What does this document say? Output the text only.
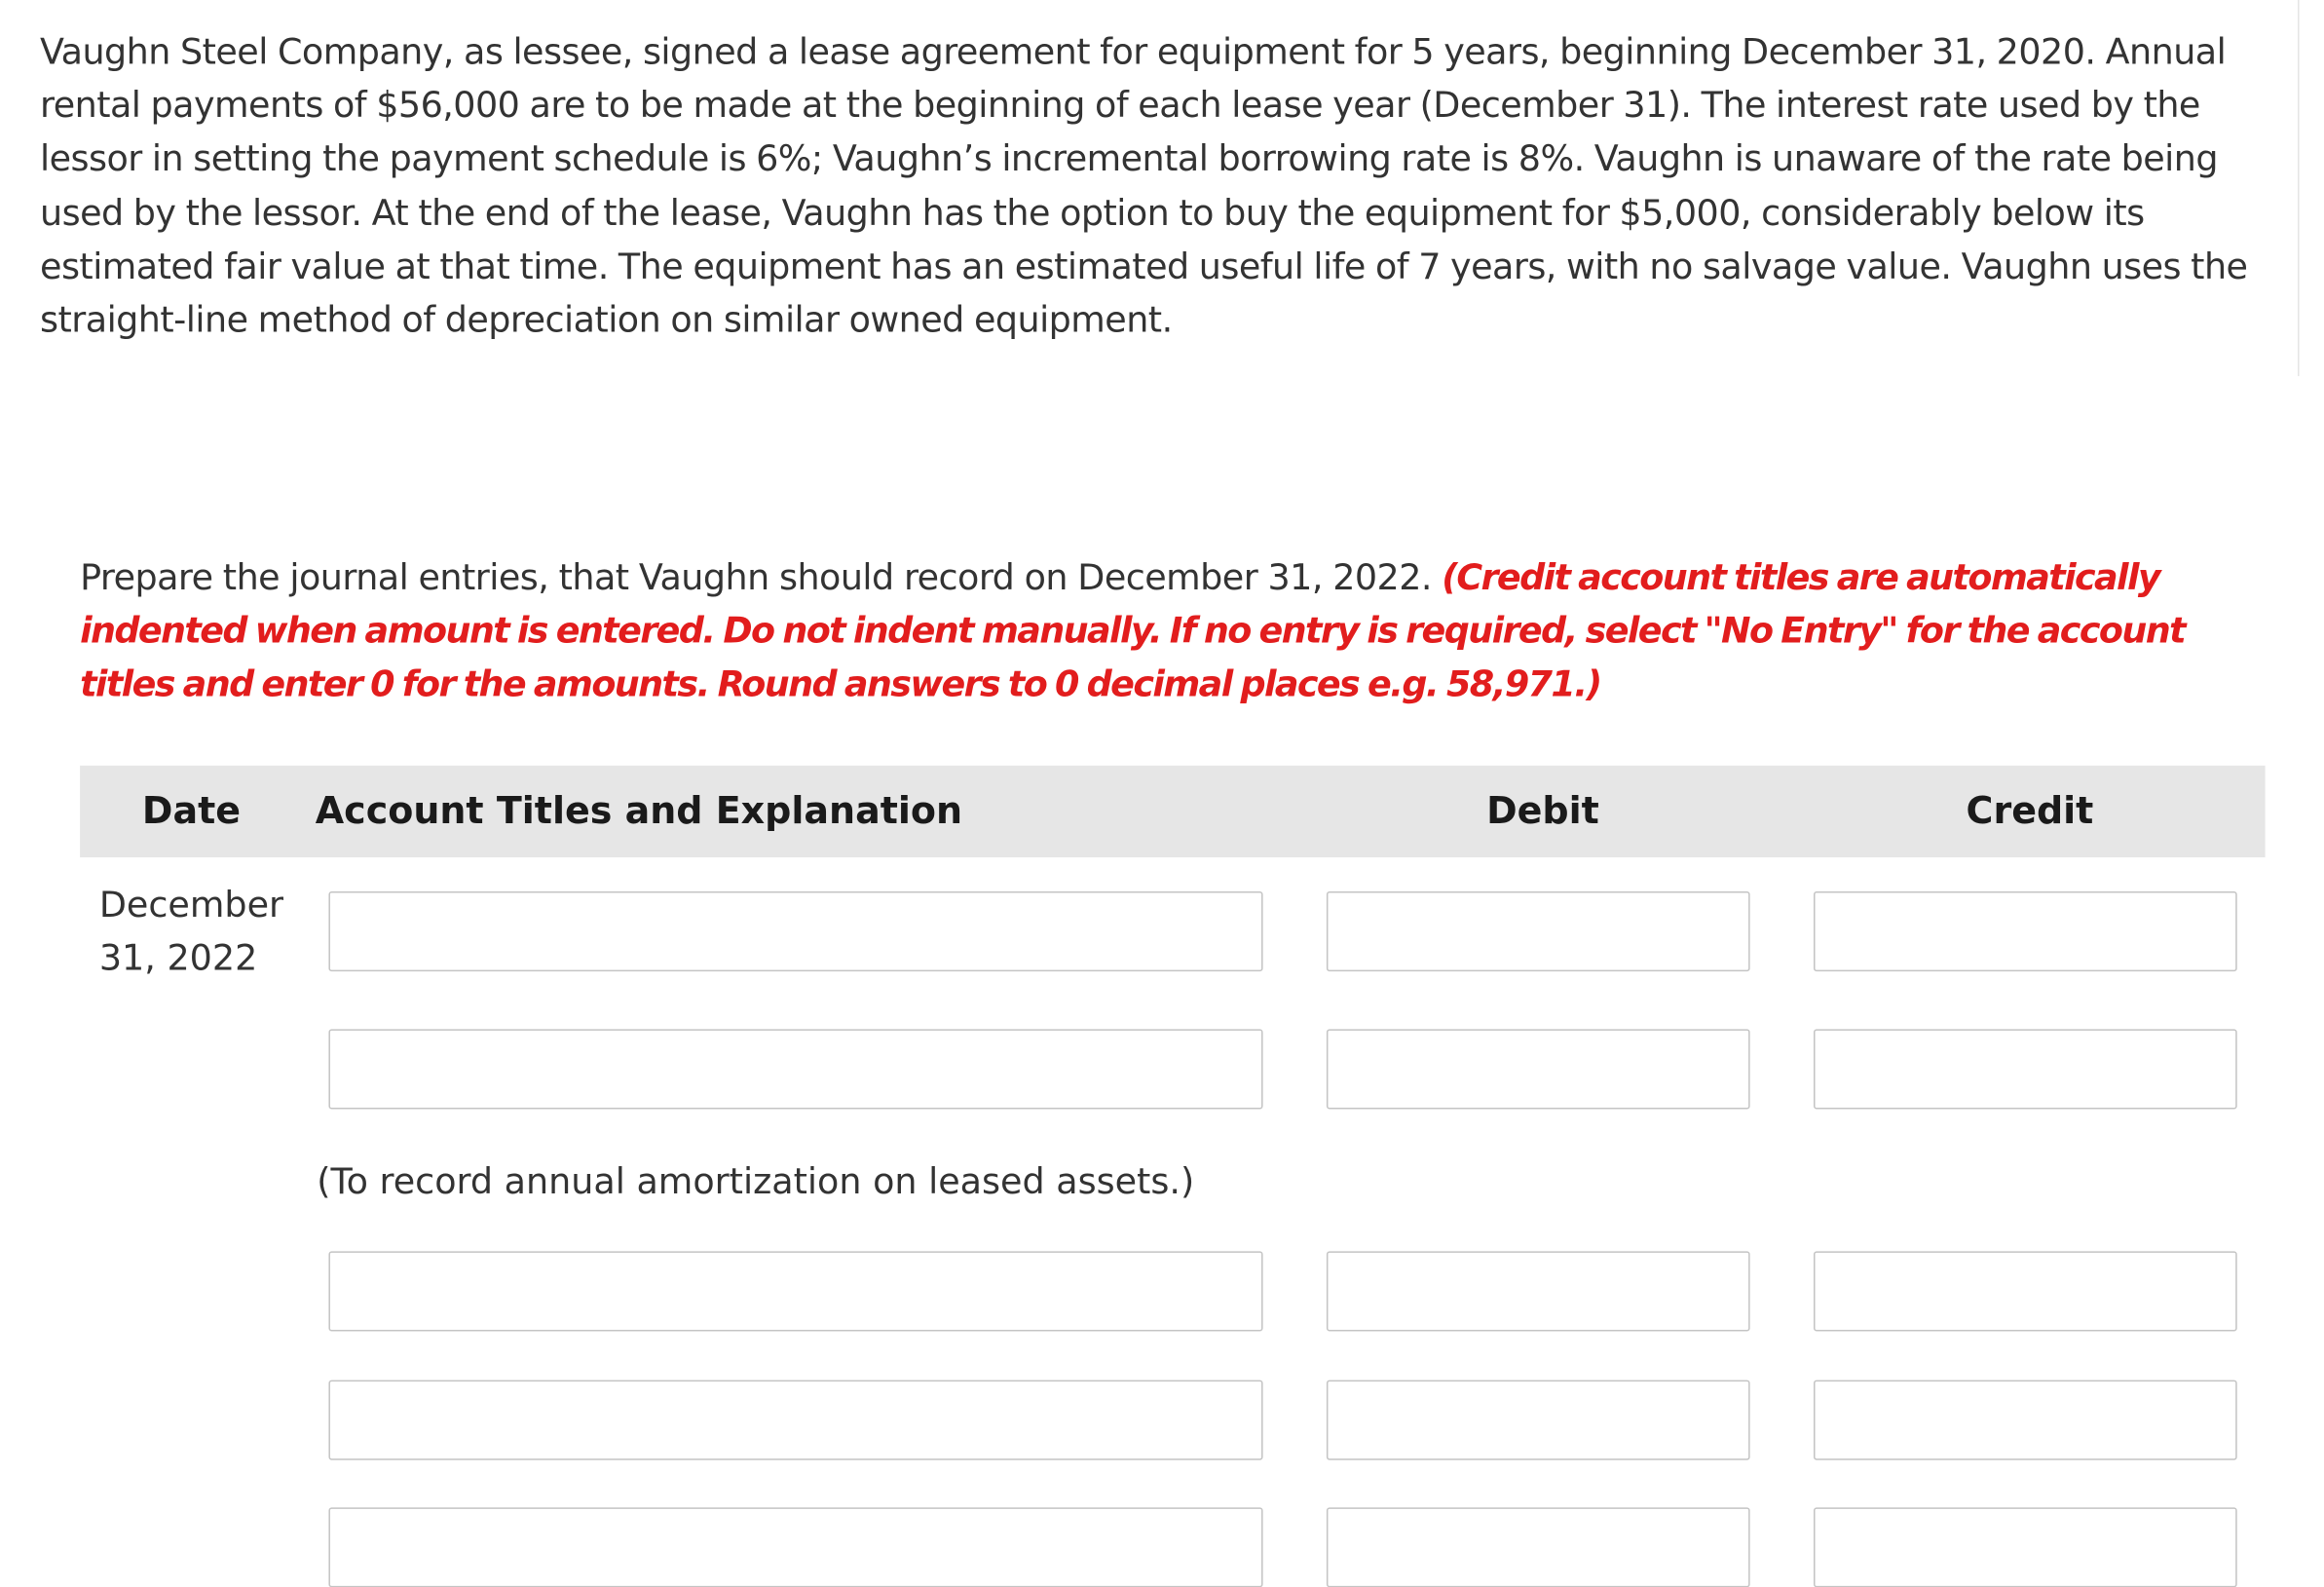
Vaughn Steel Company, as lessee, signed a lease agreement for equipment for 5 years, beginning December 31, 2020. Annual rental payments of $56,000 are to be made at the beginning of each lease year (December 31). The interest rate used by the lessor in setting the payment schedule is 6%; Vaughn’s incremental borrowing rate is 8%. Vaughn is unaware of the rate being used by the lessor. At the end of the lease, Vaughn has the option to buy the equipment for $5,000, considerably below its estimated fair value at that time. The equipment has an estimated useful life of 7 years, with no salvage value. Vaughn uses the straight-line method of depreciation on similar owned equipment.

Prepare the journal entries, that Vaughn should record on December 31, 2022. (Credit account titles are automatically indented when amount is entered. Do not indent manually. If no entry is required, select "No Entry" for the account titles and enter 0 for the amounts. Round answers to 0 decimal places e.g. 58,971.)

Date	Account Titles and Explanation	Debit	Credit
December
31, 2022
(To record annual amortization on leased assets.)
